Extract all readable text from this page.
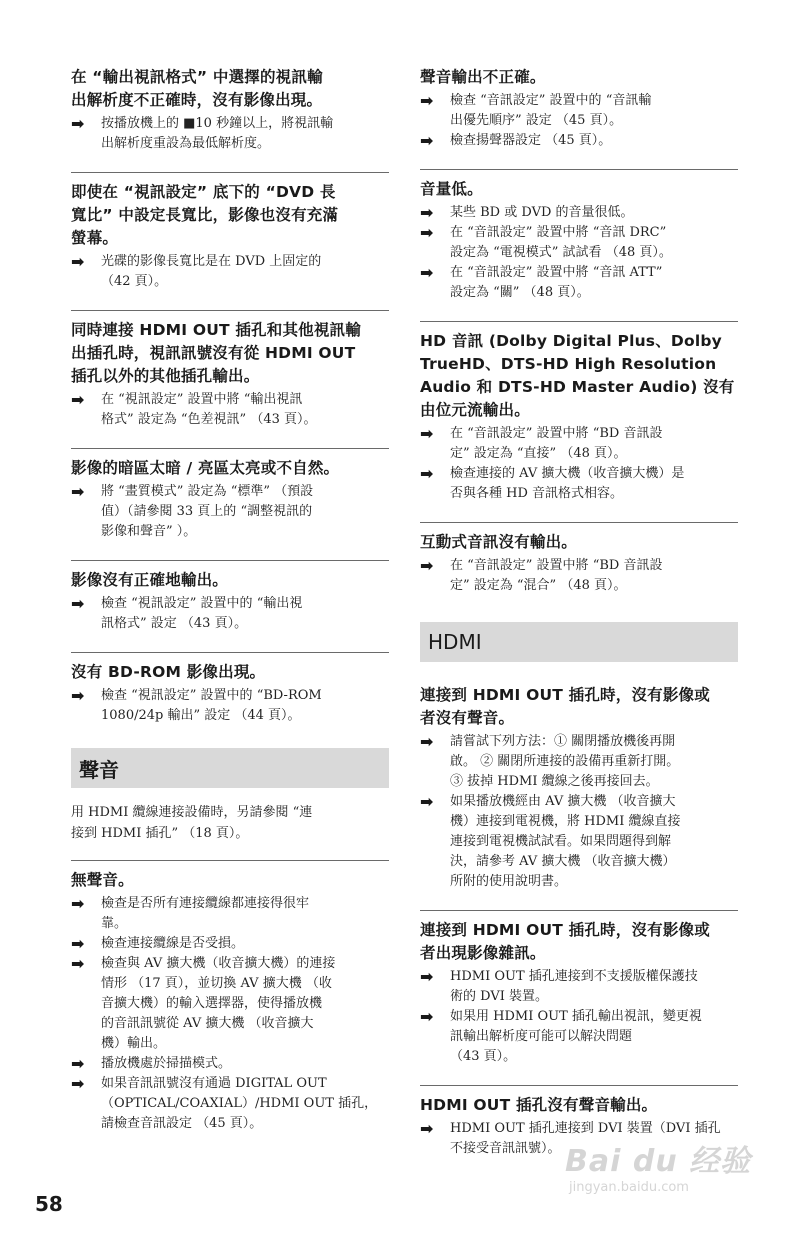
在 “輸出視訊格式” 中選擇的視訊輸
出解析度不正確時，沒有影像出現。
➡	按播放機上的 ■10 秒鐘以上，將視訊輸
出解析度重設為最低解析度。
即使在 “視訊設定” 底下的 “DVD 長
寬比” 中設定長寬比，影像也沒有充滿
螢幕。
➡	光碟的影像長寬比是在 DVD 上固定的
（42 頁）。
同時連接 HDMI OUT 插孔和其他視訊輸
出插孔時，視訊訊號沒有從 HDMI OUT
插孔以外的其他插孔輸出。
➡	在 “視訊設定” 設置中將 “輸出視訊
格式” 設定為 “色差視訊” （43 頁）。
影像的暗區太暗 / 亮區太亮或不自然。
➡	將 “畫質模式” 設定為 “標準” （預設
值）（請參閱 33 頁上的 “調整視訊的
影像和聲音” ）。
影像沒有正確地輸出。
➡	檢查 “視訊設定” 設置中的 “輸出視
訊格式” 設定 （43 頁）。
沒有 BD-ROM 影像出現。
➡	檢查 “視訊設定” 設置中的 “BD-ROM
1080/24p 輸出” 設定 （44 頁）。
聲音
用 HDMI 纜線連接設備時，另請參閱 “連
接到 HDMI 插孔” （18 頁）。
無聲音。
➡	檢查是否所有連接纜線都連接得很牢
靠。
➡	檢查連接纜線是否受損。
➡	檢查與 AV 擴大機（收音擴大機）的連接
情形 （17 頁），並切換 AV 擴大機 （收
音擴大機）的輸入選擇器，使得播放機
的音訊訊號從 AV 擴大機 （收音擴大
機）輸出。
➡	播放機處於掃描模式。
➡	如果音訊訊號沒有通過 DIGITAL OUT
（OPTICAL/COAXIAL）/HDMI OUT 插孔，
請檢查音訊設定 （45 頁）。
聲音輸出不正確。
➡	檢查 “音訊設定” 設置中的 “音訊輸
出優先順序” 設定 （45 頁）。
➡	檢查揚聲器設定 （45 頁）。
音量低。
➡	某些 BD 或 DVD 的音量很低。
➡	在 “音訊設定” 設置中將 “音訊 DRC”
設定為 “電視模式” 試試看 （48 頁）。
➡	在 “音訊設定” 設置中將 “音訊 ATT”
設定為 “關” （48 頁）。
HD 音訊 (Dolby Digital Plus、Dolby
TrueHD、DTS-HD High Resolution
Audio 和 DTS-HD Master Audio) 沒有
由位元流輸出。
➡	在 “音訊設定” 設置中將 “BD 音訊設
定” 設定為 “直接” （48 頁）。
➡	檢查連接的 AV 擴大機（收音擴大機）是
否與各種 HD 音訊格式相容。
互動式音訊沒有輸出。
➡	在 “音訊設定” 設置中將 “BD 音訊設
定” 設定為 “混合” （48 頁）。
HDMI
連接到 HDMI OUT 插孔時，沒有影像或
者沒有聲音。
➡	請嘗試下列方法：① 關閉播放機後再開
啟。 ② 關閉所連接的設備再重新打開。
③ 拔掉 HDMI 纜線之後再接回去。
➡	如果播放機經由 AV 擴大機 （收音擴大
機）連接到電視機，將 HDMI 纜線直接
連接到電視機試試看。如果問題得到解
決，請參考 AV 擴大機 （收音擴大機）
所附的使用說明書。
連接到 HDMI OUT 插孔時，沒有影像或
者出現影像雜訊。
➡	HDMI OUT 插孔連接到不支援版權保護技
術的 DVI 裝置。
➡	如果用 HDMI OUT 插孔輸出視訊，變更視
訊輸出解析度可能可以解決問題
（43 頁）。
HDMI OUT 插孔沒有聲音輸出。
➡	HDMI OUT 插孔連接到 DVI 裝置（DVI 插孔
不接受音訊訊號）。
58
Bai du 经验
jingyan.baidu.com
